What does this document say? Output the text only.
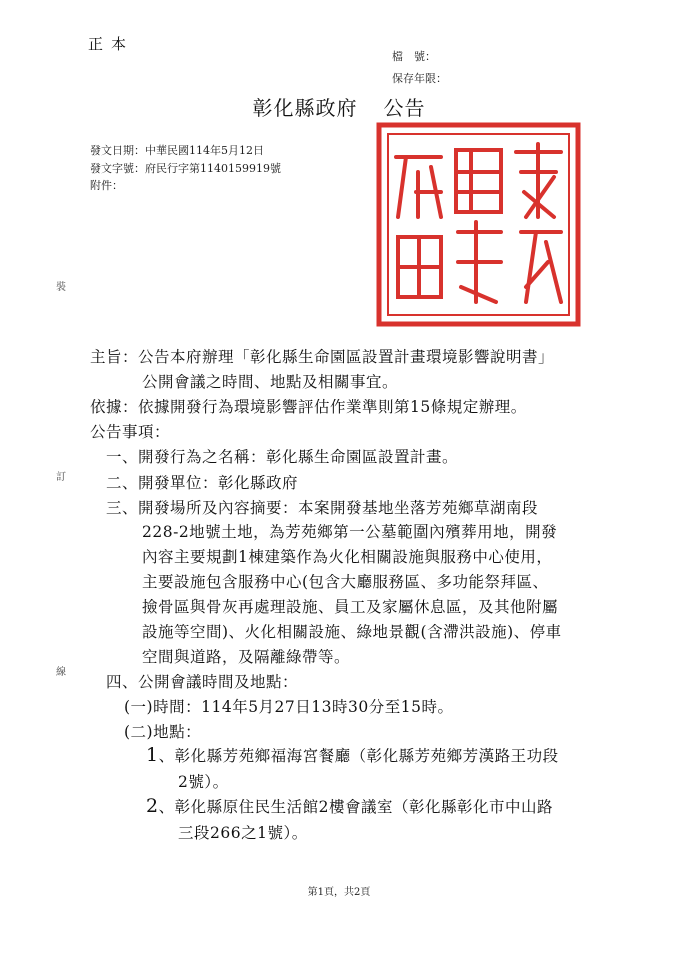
正本
檔　號：
保存年限：
彰化縣政府 公告
發文日期：中華民國114年5月12日
發文字號：府民行字第1140159919號
附件：
裝
訂
線
主旨：公告本府辦理「彰化縣生命園區設置計畫環境影響說明書」
公開會議之時間、地點及相關事宜。
依據：依據開發行為環境影響評估作業準則第15條規定辦理。
公告事項：
一、開發行為之名稱：彰化縣生命園區設置計畫。
二、開發單位：彰化縣政府
三、開發場所及內容摘要：本案開發基地坐落芳苑鄉草湖南段
228-2地號土地，為芳苑鄉第一公墓範圍內殯葬用地，開發
內容主要規劃1棟建築作為火化相關設施與服務中心使用，
主要設施包含服務中心(包含大廳服務區、多功能祭拜區、
撿骨區與骨灰再處理設施、員工及家屬休息區，及其他附屬
設施等空間)、火化相關設施、綠地景觀(含滯洪設施)、停車
空間與道路，及隔離綠帶等。
四、公開會議時間及地點：
(一)時間：114年5月27日13時30分至15時。
(二)地點：
1、彰化縣芳苑鄉福海宮餐廳（彰化縣芳苑鄉芳漢路王功段
2號）。
2、彰化縣原住民生活館2樓會議室（彰化縣彰化市中山路
三段266之1號）。
第1頁，共2頁
